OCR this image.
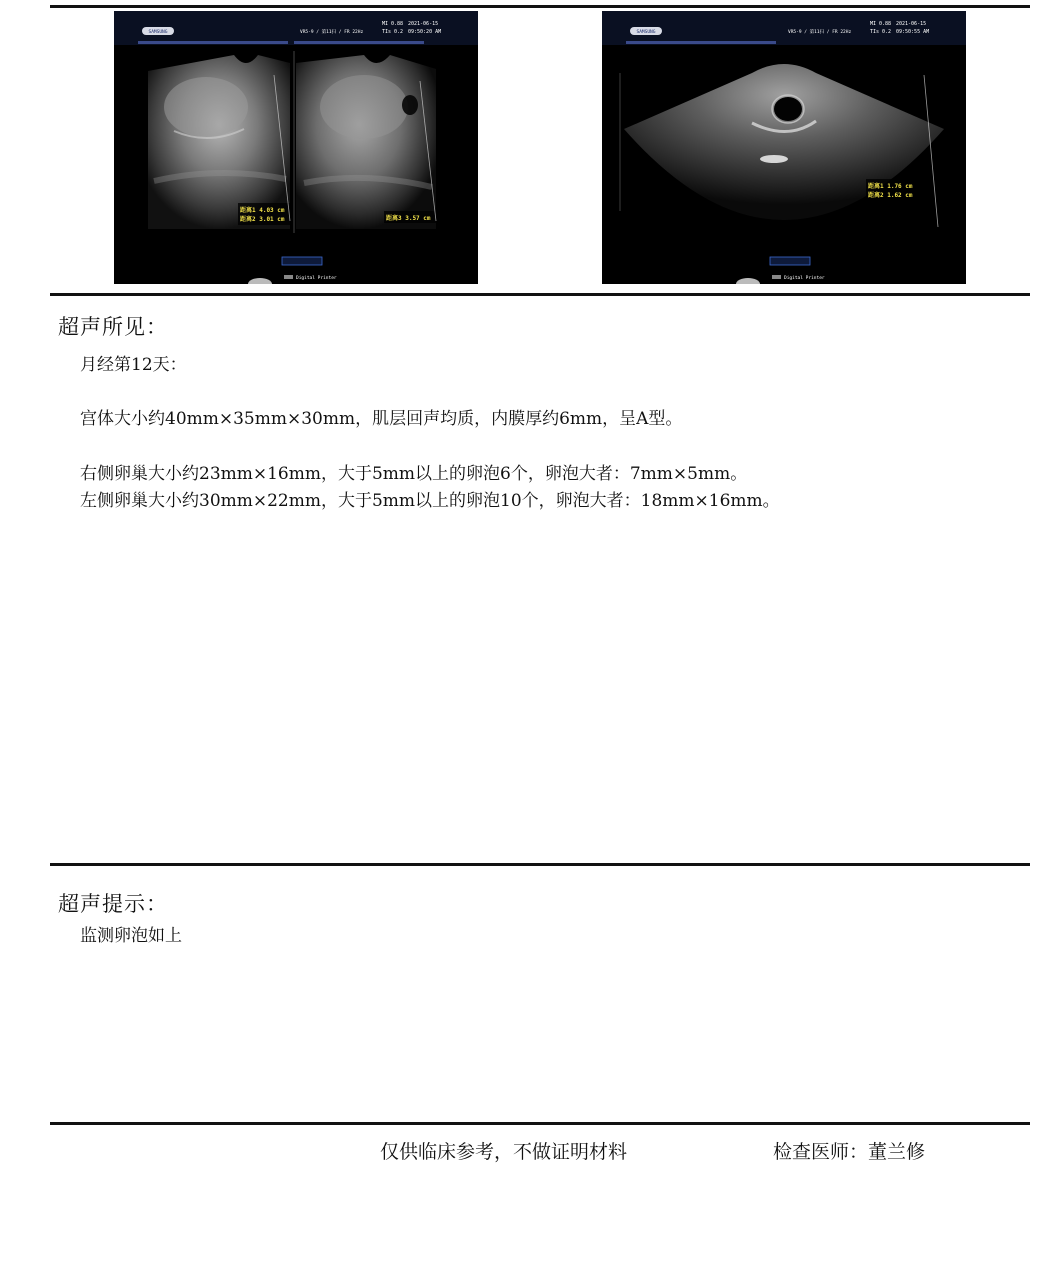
SAMSUNG
MI 0.88 2021-06-15
VR5-9 / 第11扫 / FR 22Hz	TIs 0.2 09:50:20 AM
距离1 4.03 cm
距离2 3.01 cm	距离3 3.57 cm
Digital Printer
SAMSUNG
MI 0.88 2021-06-15
VR5-9 / 第11扫 / FR 22Hz	TIs 0.2 09:50:55 AM
距离1 1.76 cm
距离2 1.62 cm
Digital Printer
超声所见：
月经第12天：
宫体大小约40mm×35mm×30mm，肌层回声均质，内膜厚约6mm，呈A型。
右侧卵巢大小约23mm×16mm，大于5mm以上的卵泡6个，卵泡大者：7mm×5mm。
左侧卵巢大小约30mm×22mm，大于5mm以上的卵泡10个，卵泡大者：18mm×16mm。
超声提示：
监测卵泡如上
仅供临床参考，不做证明材料	检查医师：董兰修
